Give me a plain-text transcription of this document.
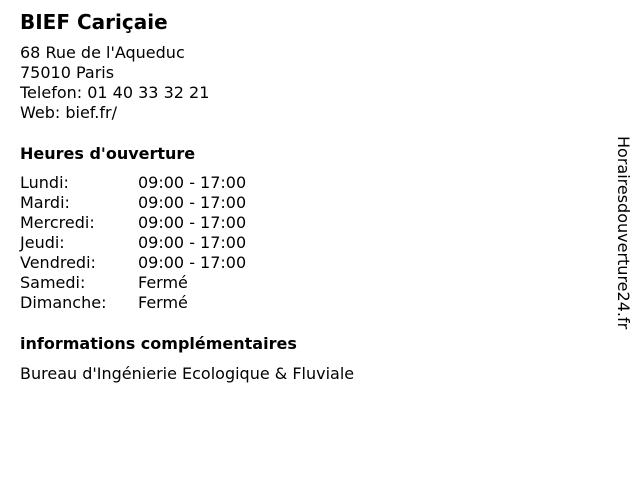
BIEF Cariçaie
68 Rue de l'Aqueduc
75010 Paris
Telefon: 01 40 33 32 21
Web: bief.fr/
Heures d'ouverture
Lundi:	09:00 - 17:00
Mardi:	09:00 - 17:00
Mercredi:	09:00 - 17:00
Jeudi:	09:00 - 17:00
Vendredi:	09:00 - 17:00
Samedi:	Fermé
Dimanche:	Fermé
informations complémentaires
Bureau d'Ingénierie Ecologique & Fluviale
Horairesdouverture24.fr
